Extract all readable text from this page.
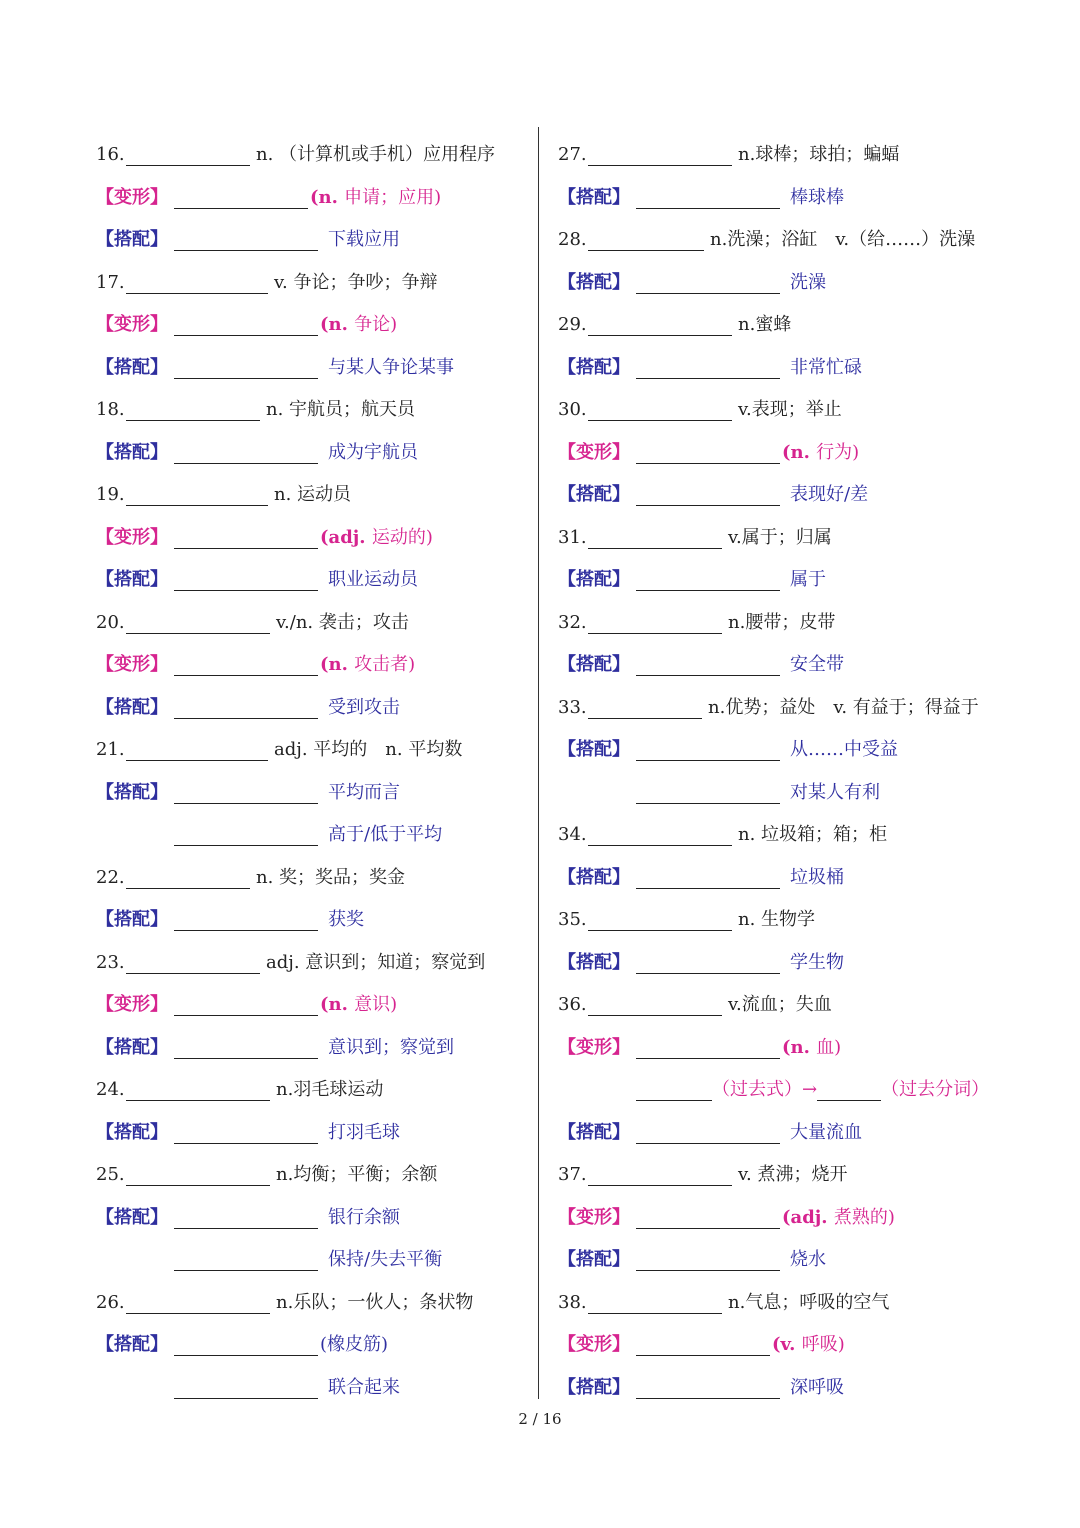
16.	n. （计算机或手机）应用程序
【变形】	(n. 申请；应用)
【搭配】	下载应用
17.	v. 争论；争吵；争辩
【变形】	(n. 争论)
【搭配】	与某人争论某事
18.	n. 宇航员；航天员
【搭配】	成为宇航员
19.	n. 运动员
【变形】	(adj. 运动的)
【搭配】	职业运动员
20.	v./n. 袭击；攻击
【变形】	(n. 攻击者)
【搭配】	受到攻击
21.	adj. 平均的　n. 平均数
【搭配】	平均而言
高于/低于平均
22.	n. 奖；奖品；奖金
【搭配】	获奖
23.	adj. 意识到；知道；察觉到
【变形】	(n. 意识)
【搭配】	意识到；察觉到
24.	n.羽毛球运动
【搭配】	打羽毛球
25.	n.均衡；平衡；余额
【搭配】	银行余额
保持/失去平衡
26.	n.乐队；一伙人；条状物
【搭配】	(橡皮筋)
联合起来
27.	n.球棒；球拍；蝙蝠
【搭配】	棒球棒
28.	n.洗澡；浴缸　v.（给……）洗澡
【搭配】	洗澡
29.	n.蜜蜂
【搭配】	非常忙碌
30.	v.表现；举止
【变形】	(n. 行为)
【搭配】	表现好/差
31.	v.属于；归属
【搭配】	属于
32.	n.腰带；皮带
【搭配】	安全带
33.	n.优势；益处　v. 有益于；得益于
【搭配】	从……中受益
对某人有利
34.	n. 垃圾箱；箱；柜
【搭配】	垃圾桶
35.	n. 生物学
【搭配】	学生物
36.	v.流血；失血
【变形】	(n. 血)
（过去式）→	（过去分词）
【搭配】	大量流血
37.	v. 煮沸；烧开
【变形】	(adj. 煮熟的)
【搭配】	烧水
38.	n.气息；呼吸的空气
【变形】	(v. 呼吸)
【搭配】	深呼吸
2 / 16
